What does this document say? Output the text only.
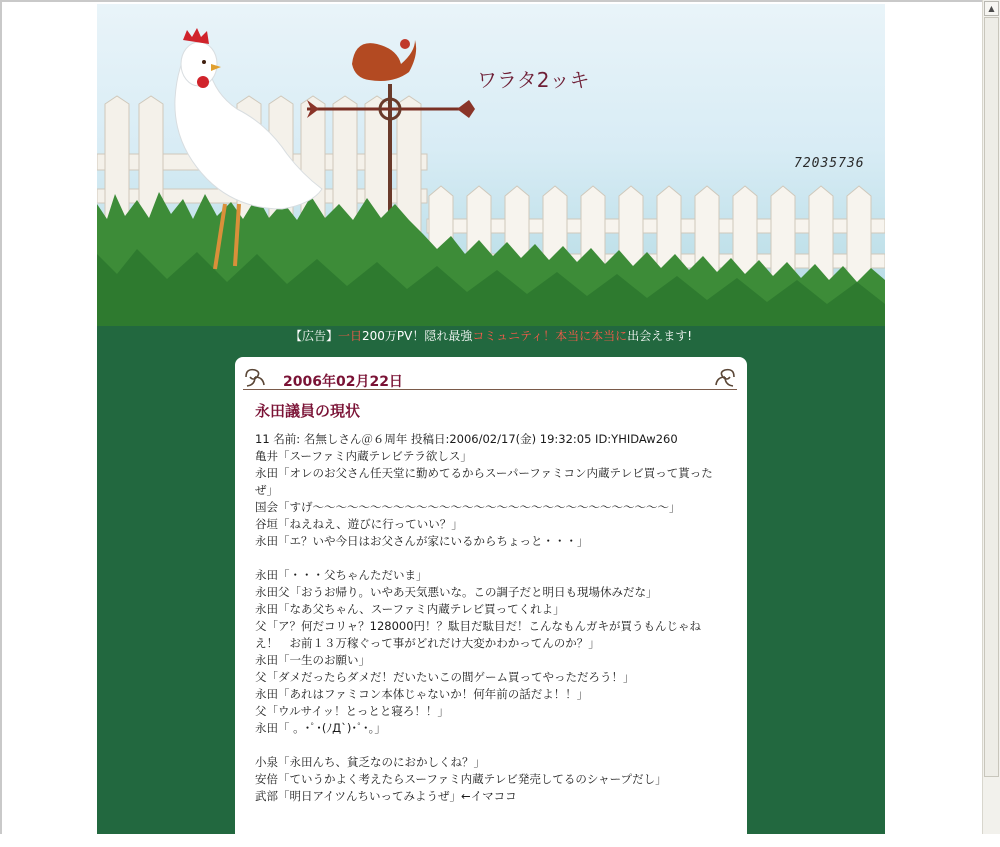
ワラタ2ッキ
72035736
【広告】一日200万PV！隠れ最強コミュニティ！本当に本当に出会えます!
2006年02月22日
永田議員の現状
11 名前: 名無しさん＠６周年 投稿日:2006/02/17(金) 19:32:05 ID:YHIDAw260
亀井「スーファミ内蔵テレビテラ欲しス」
永田「オレのお父さん任天堂に勤めてるからスーパーファミコン内蔵テレビ買って貰った
ぜ」
国会「すげ～～～～～～～～～～～～～～～～～～～～～～～～～～～～～～～」
谷垣「ねえねえ、遊びに行っていい？」
永田「エ？いや今日はお父さんが家にいるからちょっと・・・」
永田「・・・父ちゃんただいま」
永田父「おうお帰り。いやあ天気悪いな。この調子だと明日も現場休みだな」
永田「なあ父ちゃん、スーファミ内蔵テレビ買ってくれよ」
父「ア？何だコリャ？128000円！？駄目だ駄目だ！こんなもんガキが買うもんじゃね
え！　お前１３万稼ぐって事がどれだけ大変かわかってんのか？」
永田「一生のお願い」
父「ダメだったらダメだ！だいたいこの間ゲーム買ってやっただろう！」
永田「あれはファミコン本体じゃないか！何年前の話だよ！！」
父「ウルサイッ！とっとと寝ろ！！」
永田「 。･ﾟ･(ﾉД`)･ﾟ･。」
小泉「永田んち、貧乏なのにおかしくね？」
安倍「ていうかよく考えたらスーファミ内蔵テレビ発売してるのシャープだし」
武部「明日アイツんちいってみようぜ」←イマココ
▲
